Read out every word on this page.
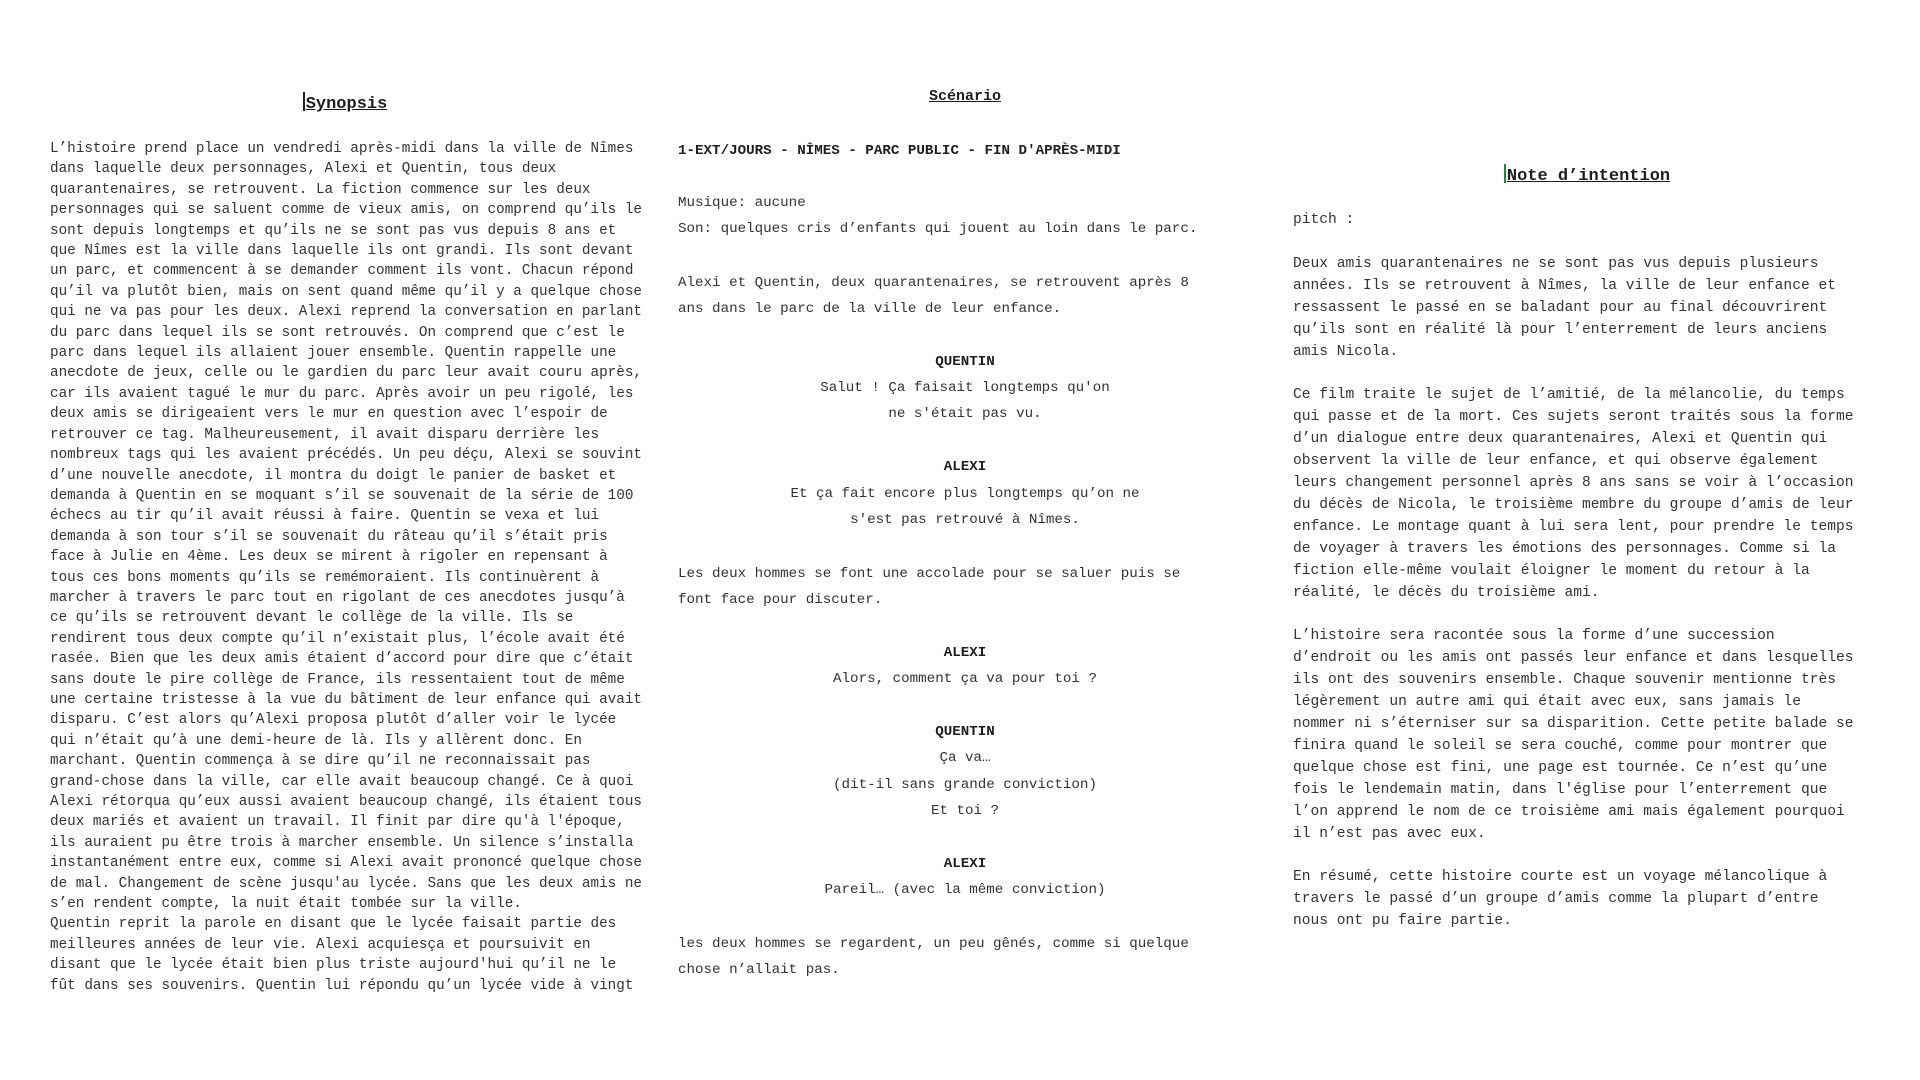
Synopsis
L’histoire prend place un vendredi après-midi dans la ville de Nîmes
dans laquelle deux personnages, Alexi et Quentin, tous deux
quarantenaires, se retrouvent. La fiction commence sur les deux
personnages qui se saluent comme de vieux amis, on comprend qu’ils le
sont depuis longtemps et qu’ils ne se sont pas vus depuis 8 ans et
que Nîmes est la ville dans laquelle ils ont grandi. Ils sont devant
un parc, et commencent à se demander comment ils vont. Chacun répond
qu’il va plutôt bien, mais on sent quand même qu’il y a quelque chose
qui ne va pas pour les deux. Alexi reprend la conversation en parlant
du parc dans lequel ils se sont retrouvés. On comprend que c’est le
parc dans lequel ils allaient jouer ensemble. Quentin rappelle une
anecdote de jeux, celle ou le gardien du parc leur avait couru après,
car ils avaient tagué le mur du parc. Après avoir un peu rigolé, les
deux amis se dirigeaient vers le mur en question avec l’espoir de
retrouver ce tag. Malheureusement, il avait disparu derrière les
nombreux tags qui les avaient précédés. Un peu déçu, Alexi se souvint
d’une nouvelle anecdote, il montra du doigt le panier de basket et
demanda à Quentin en se moquant s’il se souvenait de la série de 100
échecs au tir qu’il avait réussi à faire. Quentin se vexa et lui
demanda à son tour s’il se souvenait du râteau qu’il s’était pris
face à Julie en 4ème. Les deux se mirent à rigoler en repensant à
tous ces bons moments qu’ils se remémoraient. Ils continuèrent à
marcher à travers le parc tout en rigolant de ces anecdotes jusqu’à
ce qu’ils se retrouvent devant le collège de la ville. Ils se
rendirent tous deux compte qu’il n’existait plus, l’école avait été
rasée. Bien que les deux amis étaient d’accord pour dire que c’était
sans doute le pire collège de France, ils ressentaient tout de même
une certaine tristesse à la vue du bâtiment de leur enfance qui avait
disparu. C’est alors qu’Alexi proposa plutôt d’aller voir le lycée
qui n’était qu’à une demi-heure de là. Ils y allèrent donc. En
marchant. Quentin commença à se dire qu’il ne reconnaissait pas
grand-chose dans la ville, car elle avait beaucoup changé. Ce à quoi
Alexi rétorqua qu’eux aussi avaient beaucoup changé, ils étaient tous
deux mariés et avaient un travail. Il finit par dire qu'à l'époque,
ils auraient pu être trois à marcher ensemble. Un silence s’installa
instantanément entre eux, comme si Alexi avait prononcé quelque chose
de mal. Changement de scène jusqu'au lycée. Sans que les deux amis ne
s’en rendent compte, la nuit était tombée sur la ville.
Quentin reprit la parole en disant que le lycée faisait partie des
meilleures années de leur vie. Alexi acquiesça et poursuivit en
disant que le lycée était bien plus triste aujourd'hui qu’il ne le
fût dans ses souvenirs. Quentin lui répondu qu’un lycée vide à vingt
Scénario
1-EXT/JOURS - NÎMES - PARC PUBLIC - FIN D'APRÈS-MIDI
Musique: aucune
Son: quelques cris d’enfants qui jouent au loin dans le parc.
Alexi et Quentin, deux quarantenaires, se retrouvent après 8
ans dans le parc de la ville de leur enfance.
QUENTIN
Salut ! Ça faisait longtemps qu'on
ne s'était pas vu.
ALEXI
Et ça fait encore plus longtemps qu’on ne
s'est pas retrouvé à Nîmes.
Les deux hommes se font une accolade pour se saluer puis se
font face pour discuter.
ALEXI
Alors, comment ça va pour toi ?
QUENTIN
Ça va…
(dit-il sans grande conviction)
Et toi ?
ALEXI
Pareil… (avec la même conviction)
les deux hommes se regardent, un peu gênés, comme si quelque
chose n’allait pas.
Note d’intention
pitch :
Deux amis quarantenaires ne se sont pas vus depuis plusieurs
années. Ils se retrouvent à Nîmes, la ville de leur enfance et
ressassent le passé en se baladant pour au final découvrirent
qu’ils sont en réalité là pour l’enterrement de leurs anciens
amis Nicola.
Ce film traite le sujet de l’amitié, de la mélancolie, du temps
qui passe et de la mort. Ces sujets seront traités sous la forme
d’un dialogue entre deux quarantenaires, Alexi et Quentin qui
observent la ville de leur enfance, et qui observe également
leurs changement personnel après 8 ans sans se voir à l’occasion
du décès de Nicola, le troisième membre du groupe d’amis de leur
enfance. Le montage quant à lui sera lent, pour prendre le temps
de voyager à travers les émotions des personnages. Comme si la
fiction elle-même voulait éloigner le moment du retour à la
réalité, le décès du troisième ami.
L’histoire sera racontée sous la forme d’une succession
d’endroit ou les amis ont passés leur enfance et dans lesquelles
ils ont des souvenirs ensemble. Chaque souvenir mentionne très
légèrement un autre ami qui était avec eux, sans jamais le
nommer ni s’éterniser sur sa disparition. Cette petite balade se
finira quand le soleil se sera couché, comme pour montrer que
quelque chose est fini, une page est tournée. Ce n’est qu’une
fois le lendemain matin, dans l'église pour l’enterrement que
l’on apprend le nom de ce troisième ami mais également pourquoi
il n’est pas avec eux.
En résumé, cette histoire courte est un voyage mélancolique à
travers le passé d’un groupe d’amis comme la plupart d’entre
nous ont pu faire partie.
